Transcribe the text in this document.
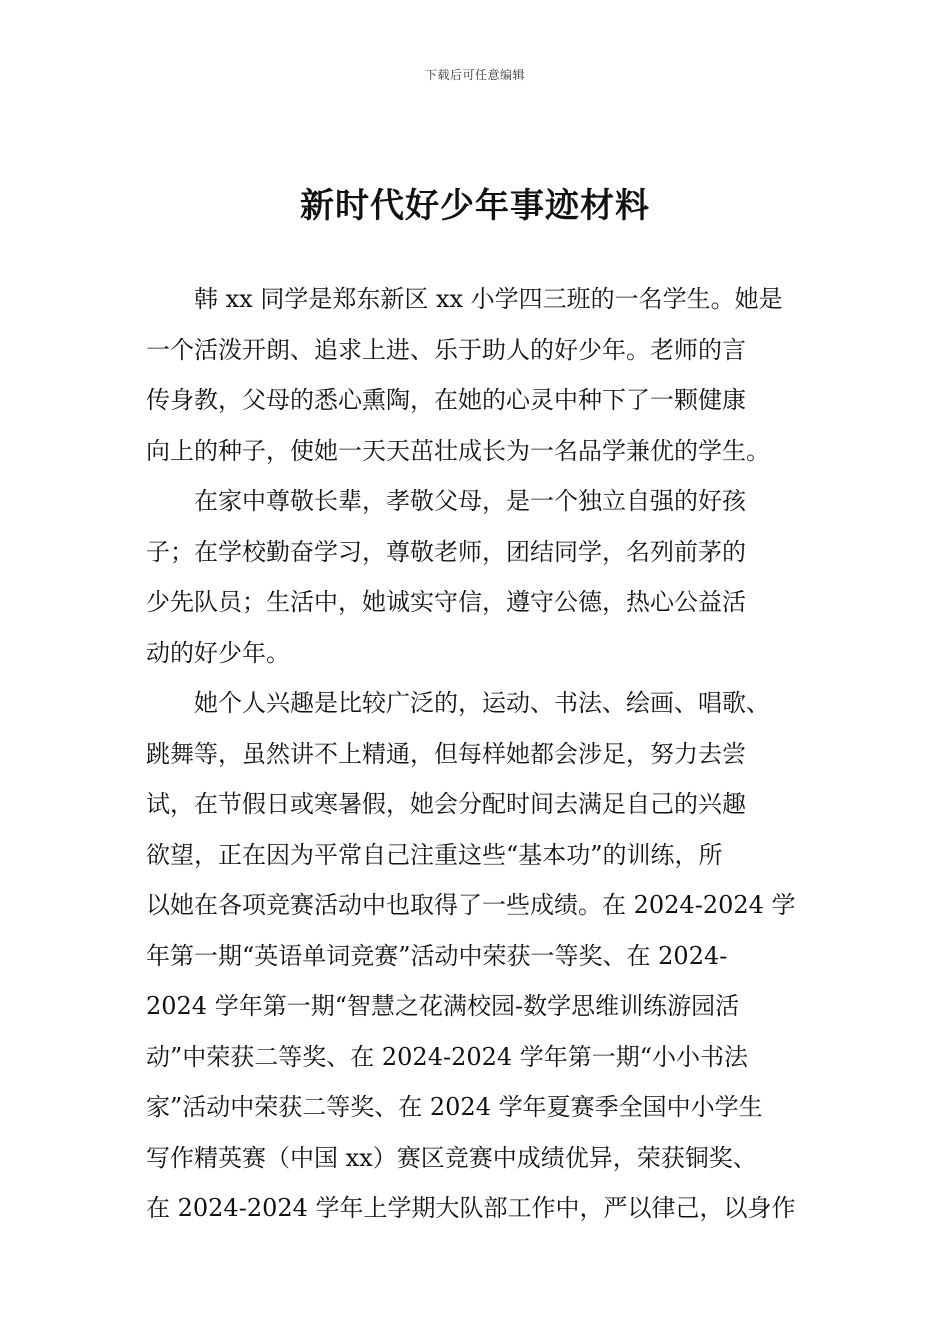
下载后可任意编辑
新时代好少年事迹材料
韩 xx 同学是郑东新区 xx 小学四三班的一名学生。她是
一个活泼开朗、追求上进、乐于助人的好少年。老师的言
传身教，父母的悉心熏陶，在她的心灵中种下了一颗健康
向上的种子，使她一天天茁壮成长为一名品学兼优的学生。
在家中尊敬长辈，孝敬父母，是一个独立自强的好孩
子；在学校勤奋学习，尊敬老师，团结同学，名列前茅的
少先队员；生活中，她诚实守信，遵守公德，热心公益活
动的好少年。
她个人兴趣是比较广泛的，运动、书法、绘画、唱歌、
跳舞等，虽然讲不上精通，但每样她都会涉足，努力去尝
试，在节假日或寒暑假，她会分配时间去满足自己的兴趣
欲望，正在因为平常自己注重这些“基本功”的训练，所
以她在各项竞赛活动中也取得了一些成绩。在 2024-2024 学
年第一期“英语单词竞赛”活动中荣获一等奖、在 2024-
2024 学年第一期“智慧之花满校园-数学思维训练游园活
动”中荣获二等奖、在 2024-2024 学年第一期“小小书法
家”活动中荣获二等奖、在 2024 学年夏赛季全国中小学生
写作精英赛（中国 xx）赛区竞赛中成绩优异，荣获铜奖、
在 2024-2024 学年上学期大队部工作中，严以律己，以身作
